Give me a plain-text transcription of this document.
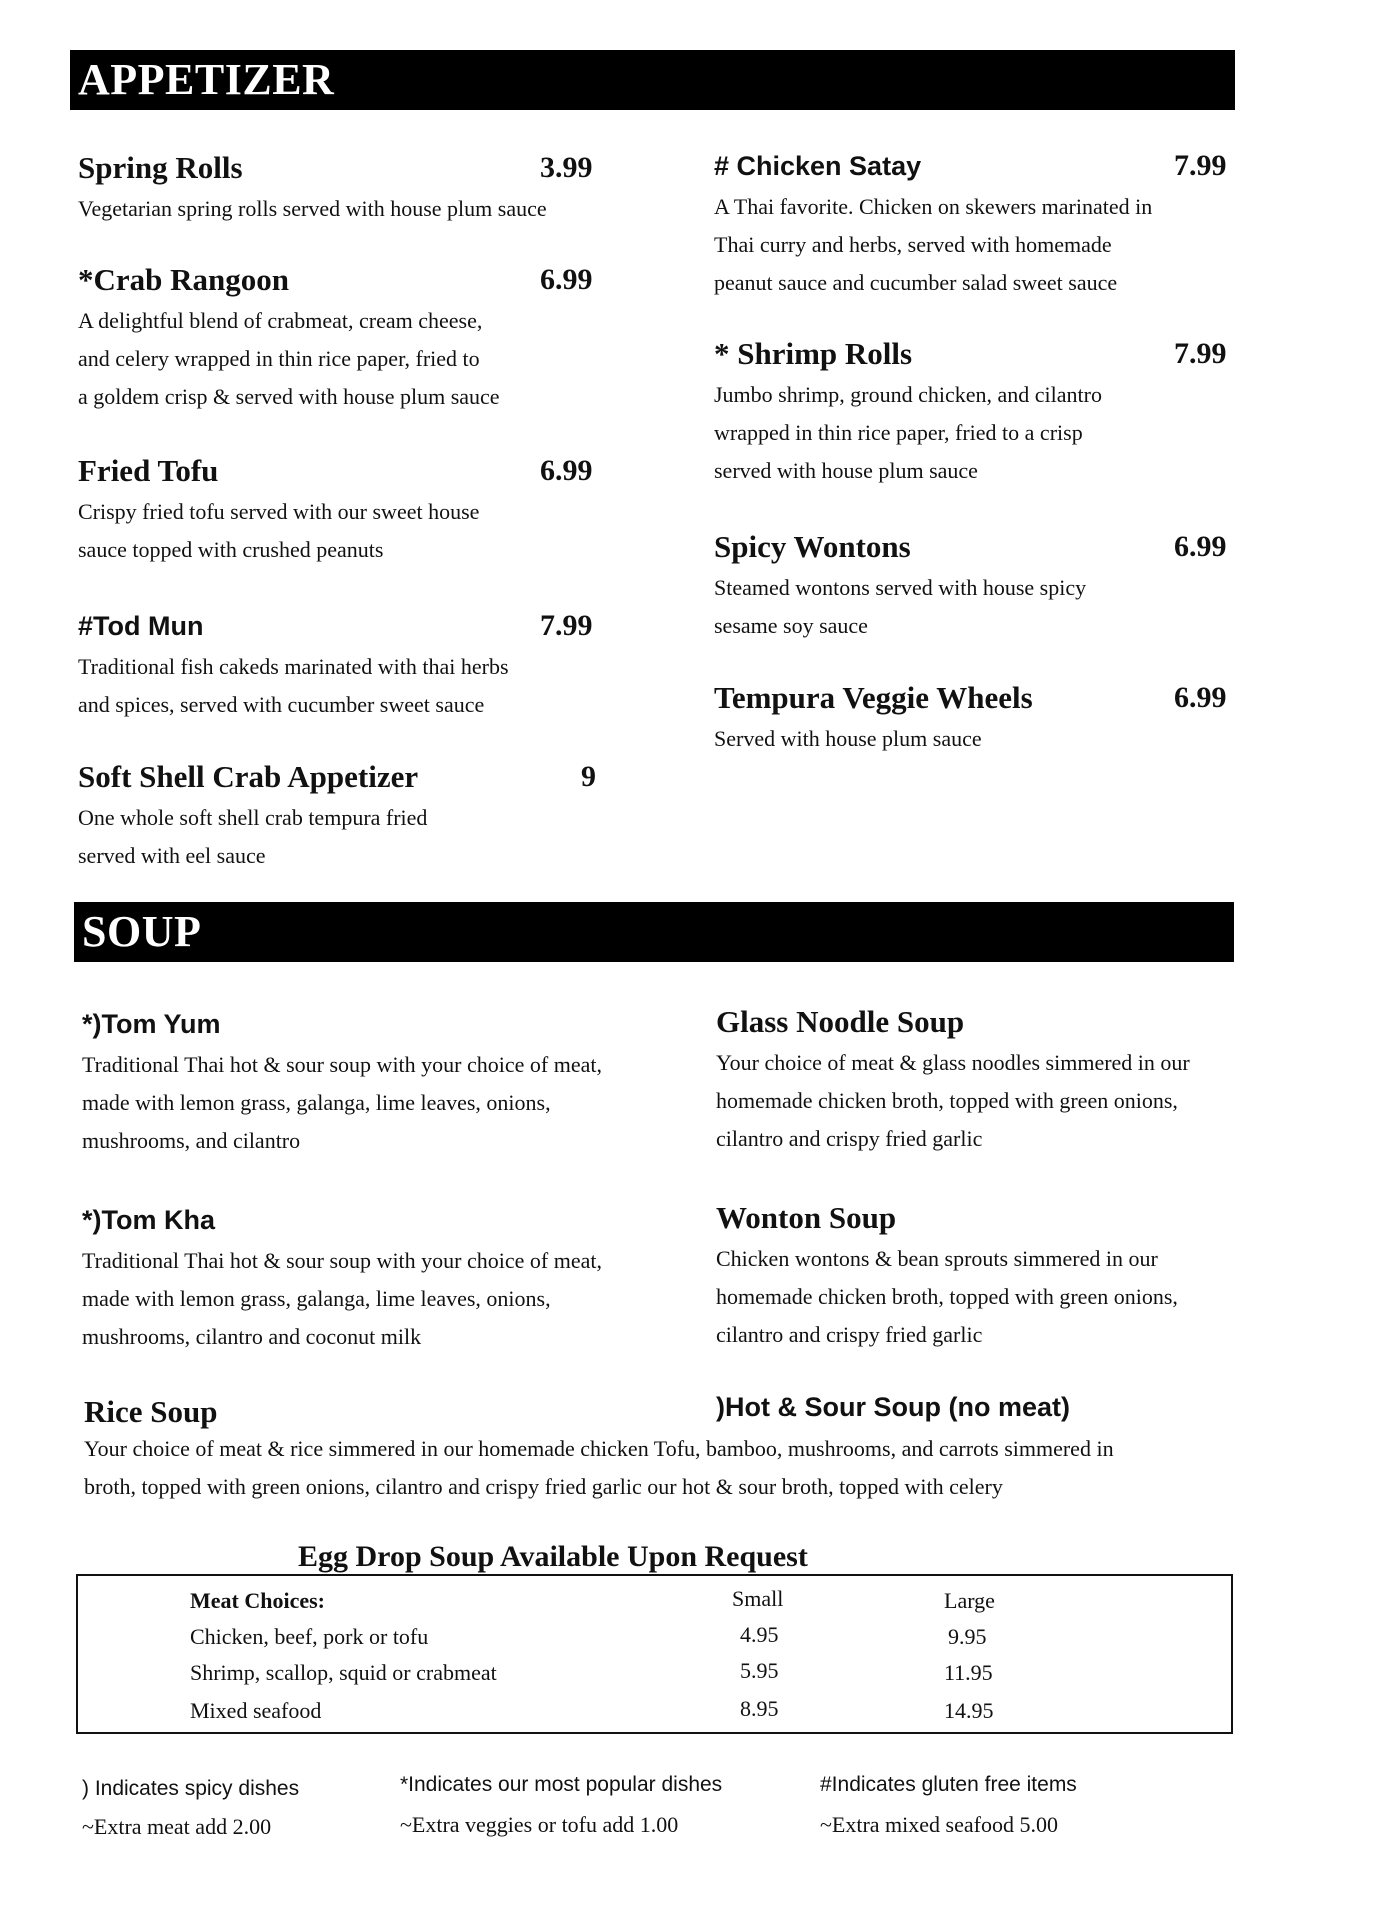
APPETIZER
Spring Rolls	3.99
Vegetarian spring rolls served with house plum sauce
*Crab Rangoon	6.99
A delightful blend of crabmeat, cream cheese,
and celery wrapped in thin rice paper, fried to
a goldem crisp & served with house plum sauce
Fried Tofu	6.99
Crispy fried tofu served with our sweet house
sauce topped with crushed peanuts
#Tod Mun	7.99
Traditional fish cakeds marinated with thai herbs
and spices, served with cucumber sweet sauce
Soft Shell Crab Appetizer	9
One whole soft shell crab tempura fried
served with eel sauce
# Chicken Satay	7.99
A Thai favorite. Chicken on skewers marinated in
Thai curry and herbs, served with homemade
peanut sauce and cucumber salad sweet sauce
* Shrimp Rolls	7.99
Jumbo shrimp, ground chicken, and cilantro
wrapped in thin rice paper, fried to a crisp
served with house plum sauce
Spicy Wontons	6.99
Steamed wontons served with house spicy
sesame soy sauce
Tempura Veggie Wheels	6.99
Served with house plum sauce
SOUP
*)Tom Yum
Traditional Thai hot & sour soup with your choice of meat,
made with lemon grass, galanga, lime leaves, onions,
mushrooms, and cilantro
*)Tom Kha
Traditional Thai hot & sour soup with your choice of meat,
made with lemon grass, galanga, lime leaves, onions,
mushrooms, cilantro and coconut milk
Glass Noodle Soup
Your choice of meat & glass noodles simmered in our
homemade chicken broth, topped with green onions,
cilantro and crispy fried garlic
Wonton Soup
Chicken wontons & bean sprouts simmered in our
homemade chicken broth, topped with green onions,
cilantro and crispy fried garlic
Rice Soup	)Hot & Sour Soup (no meat)
Your choice of meat & rice simmered in our homemade chicken Tofu, bamboo, mushrooms, and carrots simmered in
broth, topped with green onions, cilantro and crispy fried garlic our hot & sour broth, topped with celery
Egg Drop Soup Available Upon Request
Meat Choices:	Small	Large
Chicken, beef, pork or tofu	4.95	9.95
Shrimp, scallop, squid or crabmeat	5.95	11.95
Mixed seafood	8.95	14.95
) Indicates spicy dishes
~Extra meat add 2.00
*Indicates our most popular dishes
~Extra veggies or tofu add 1.00
#Indicates gluten free items
~Extra mixed seafood 5.00
